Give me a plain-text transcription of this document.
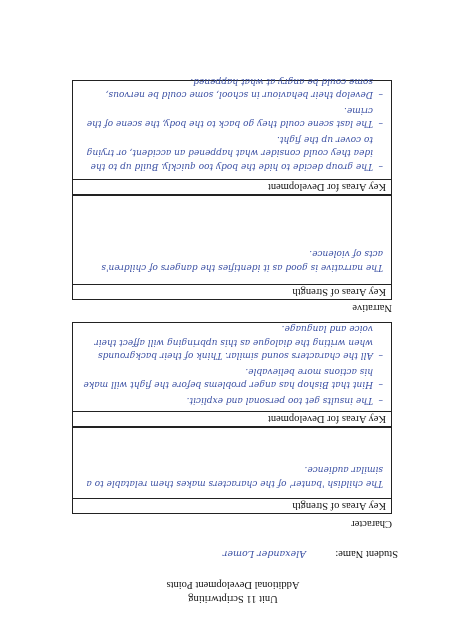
Unit 11 Scriptwriting
Additional Development Points
Student Name:
Alexander Lomer
Character
Key Areas of Strength
The childish 'banter' of the characters makes them relatable to a similar audience.
Key Areas for Development
– The insults get too personal and explicit.
– Hint that Bishop has anger problems before the fight will make his actions more believable.
– All the characters sound similar. Think of their backgrounds when writing the dialogue as this upbringing will affect their voice and language.
Narrative
Key Areas of Strength
The narrative is good as it identifies the dangers of children's acts of violence.
Key Areas for Development
– The group decide to hide the body too quickly. Build up to the idea they could consider what happened an accident, or trying to cover up the fight.
– The last scene could they go back to the body, the scene of the crime.
– Develop their behaviour in school, some could be nervous, some could be angry at what happened.
